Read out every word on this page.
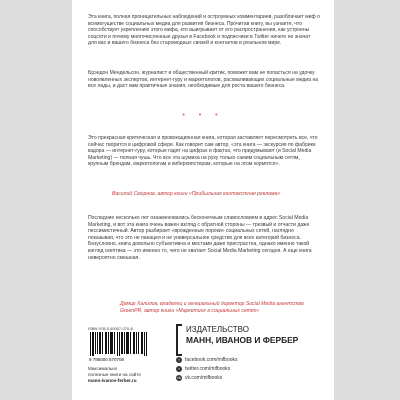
Эта книга, полная проницательных наблюдений и остроумных комментариев, разоблачает миф о всемогуществе социальных медиа для развития бизнеса. Прочитав книгу, вы узнаете, что способствует укреплению этого мифа, кто выигрывает от его распространения, как устроены соцсети и почему многочисленные друзья в Facebook и подписчики в Twitter ничего не значат для вас и вашего бизнеса без старомодных связей и контактов в реальном мире.

Брэндон Мендельсон, журналист и общественный критик, поможет вам не попасться на удочку новоявленных экспертов, интернет-гуру и маркетологов, расхваливающих социальные медиа на все лады, и даст вам практичные знания, необходимые для роста вашего бизнеса.

• • •

Это прекрасная критическая и провокационная книга, которая заставляет пересмотреть все, что сейчас творится в цифровой сфере. Как говорит сам автор, «эта книга — экскурсия по фабрике вздора — интернет-гуру, которые гадят на цифрах и фактах, что придумывают (и Social Media Marketing) — полная чушь. Что все эта шумиха на руку только самим социальным сетям, крупным брендам, маркетологам и киберхипстерам, которые на этом кормятся».

Василий Смирнов, автор книги «Прибыльная контекстная реклама»

Последние несколько лет ознаменовались бесконечным славословием в адрес Social Media Marketing, и вот эта книга очень важен взгляд с обратной стороны — трезвый и отчасти даже пессимистичный. Автор разбирает «врожденные пороки» социальных сетей, наглядно показывая, что это не панацея и не универсальное средство для всех категорий бизнеса. Безусловно, книга довольно субъективна и местами даже пристрастна, однако именно такой взгляд скептика — это именно то, чего не хватает Social Media Marketing сегодня. А еще книга невероятно смешная.

Демир Халилов, владелец и генеральный директор Social Media агентства GreenPR, автор книги «Маркетинг в социальных сетях»
ISBN 978-5-00057-070-8
9 785000 570708
Максимально
полезные книги на сайте
mann-ivanov-ferber.ru
ИЗДАТЕЛЬСТВО
МАНН, ИВАНОВ И ФЕРБЕР
f	facebook.com/mifbooks
t	twitter.com/mifbooks
vk vk.com/mifbooks
